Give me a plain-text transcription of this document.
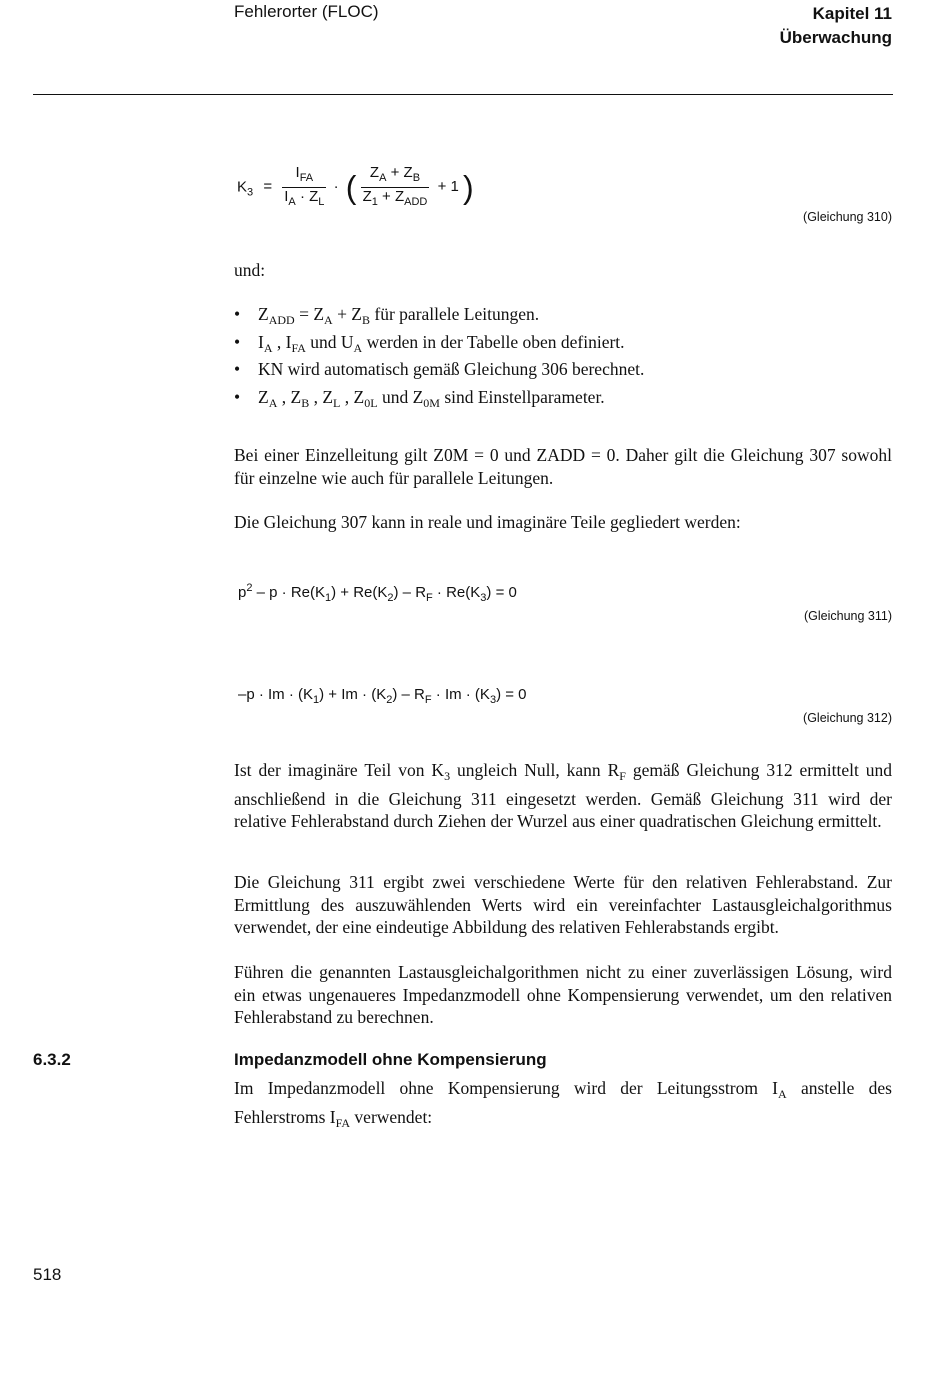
Fehlerorter (FLOC)	Kapitel 11
Überwachung
$K_3 = \frac{I_{FA}}{I_A \cdot Z_L}$ · ( $\frac{Z_A + Z_B}{Z_1 + Z_{ADD}} + 1$ )
(Gleichung 310)
und:
• $Z_{ADD} = Z_A + Z_B$ für parallele Leitungen.
• $I_A$ , $I_{FA}$ und $U_A$ werden in der Tabelle oben definiert.
• KN wird automatisch gemäß Gleichung 306 berechnet.
• $Z_A$ , $Z_B$ , $Z_L$ , $Z_{0L}$ und $Z_{0M}$ sind Einstellparameter.
Bei einer Einzelleitung gilt Z0M = 0 und ZADD = 0. Daher gilt die Gleichung 307 sowohl für einzelne wie auch für parallele Leitungen.
Die Gleichung 307 kann in reale und imaginäre Teile gegliedert werden:
$p^2 - p \cdot Re(K_1) + Re(K_2) - R_F \cdot Re(K_3) = 0$
(Gleichung 311)
$-p \cdot Im \cdot (K_1) + Im \cdot (K_2) - R_F \cdot Im \cdot (K_3) = 0$
(Gleichung 312)
Ist der imaginäre Teil von $K_3$ ungleich Null, kann $R_F$ gemäß Gleichung 312 ermittelt und anschließend in die Gleichung 311 eingesetzt werden. Gemäß Gleichung 311 wird der relative Fehlerabstand durch Ziehen der Wurzel aus einer quadratischen Gleichung ermittelt.
Die Gleichung 311 ergibt zwei verschiedene Werte für den relativen Fehlerabstand. Zur Ermittlung des auszuwählenden Werts wird ein vereinfachter Lastausgleichalgorithmus verwendet, der eine eindeutige Abbildung des relativen Fehlerabstands ergibt.
Führen die genannten Lastausgleichalgorithmen nicht zu einer zuverlässigen Lösung, wird ein etwas ungenaueres Impedanzmodell ohne Kompensierung verwendet, um den relativen Fehlerabstand zu berechnen.
6.3.2	Impedanzmodell ohne Kompensierung
Im Impedanzmodell ohne Kompensierung wird der Leitungsstrom $I_A$ anstelle des Fehlerstroms $I_{FA}$ verwendet:
518
